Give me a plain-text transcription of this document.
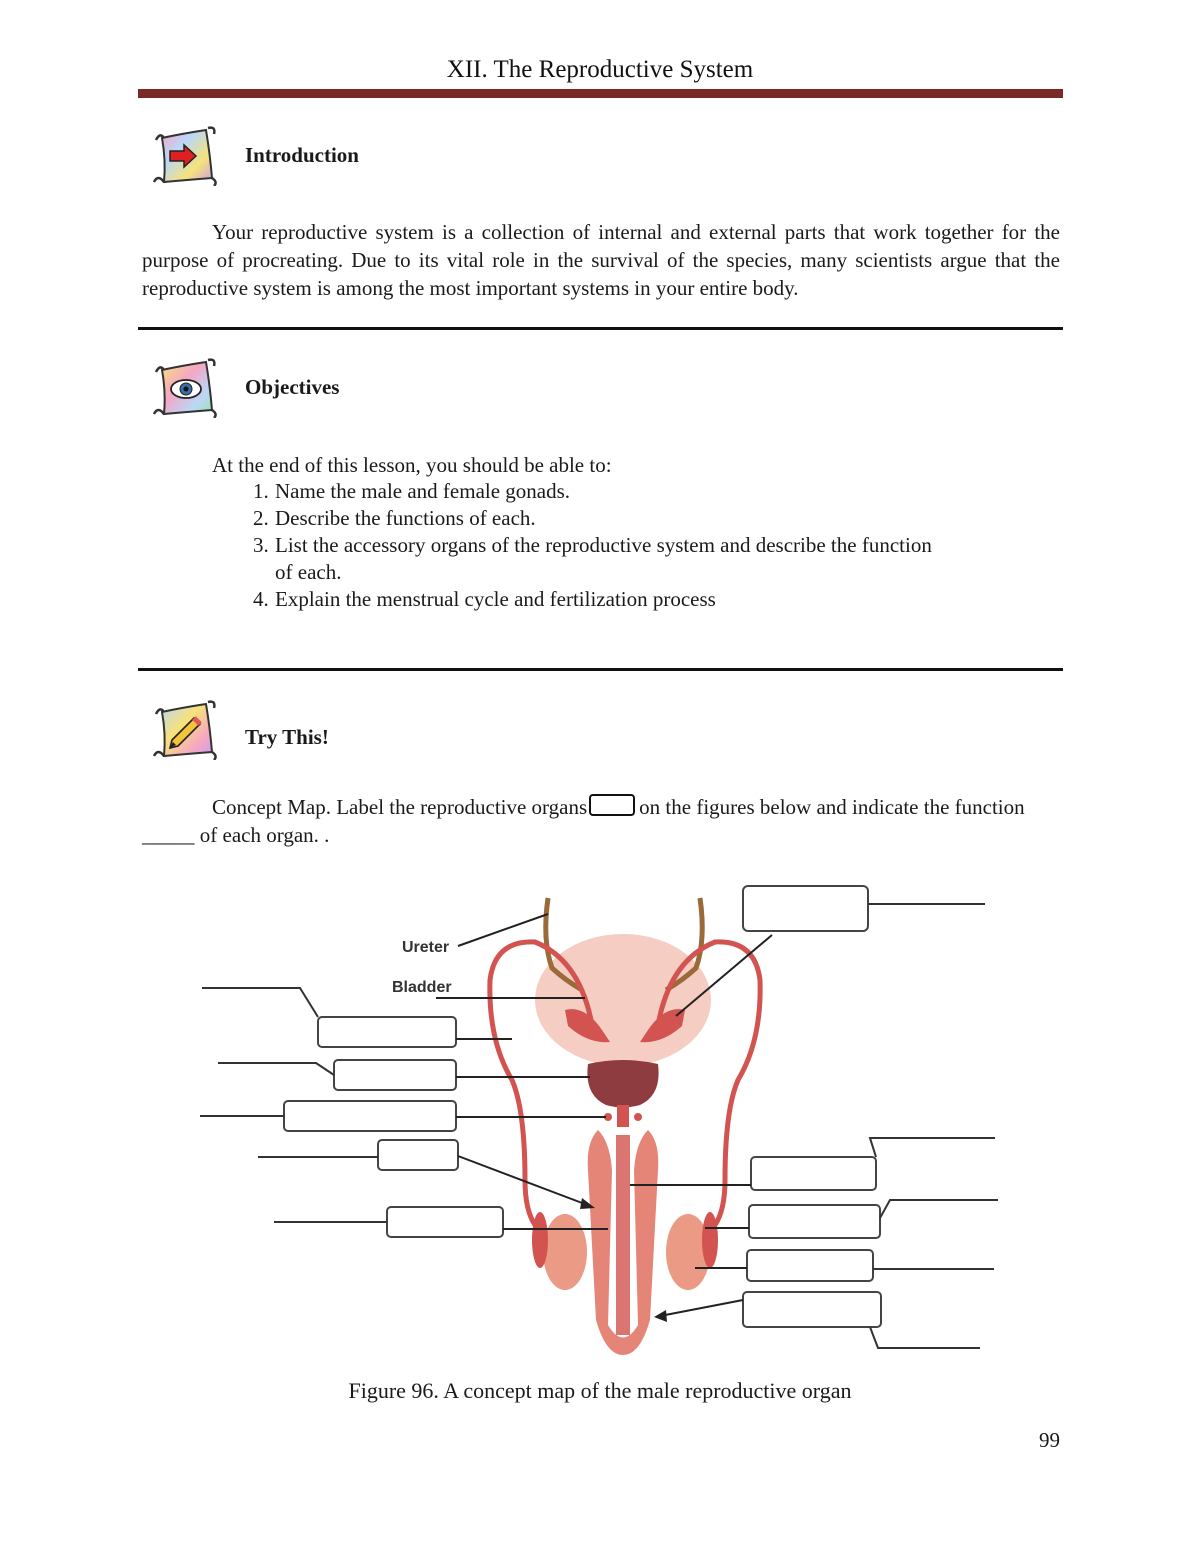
XII. The Reproductive System
Introduction
Your reproductive system is a collection of internal and external parts that work together for the purpose of procreating. Due to its vital role in the survival of the species, many scientists argue that the reproductive system is among the most important systems in your entire body.
Objectives
At the end of this lesson, you should be able to:
1. Name the male and female gonads.
2. Describe the functions of each.
3. List the accessory organs of the reproductive system and describe the function of each.
4. Explain the menstrual cycle and fertilization process
Try This!
Concept Map. Label the reproductive organs on the figures below and indicate the function _____ of each organ. .
Ureter
Bladder
Figure 96. A concept map of the male reproductive organ
99
